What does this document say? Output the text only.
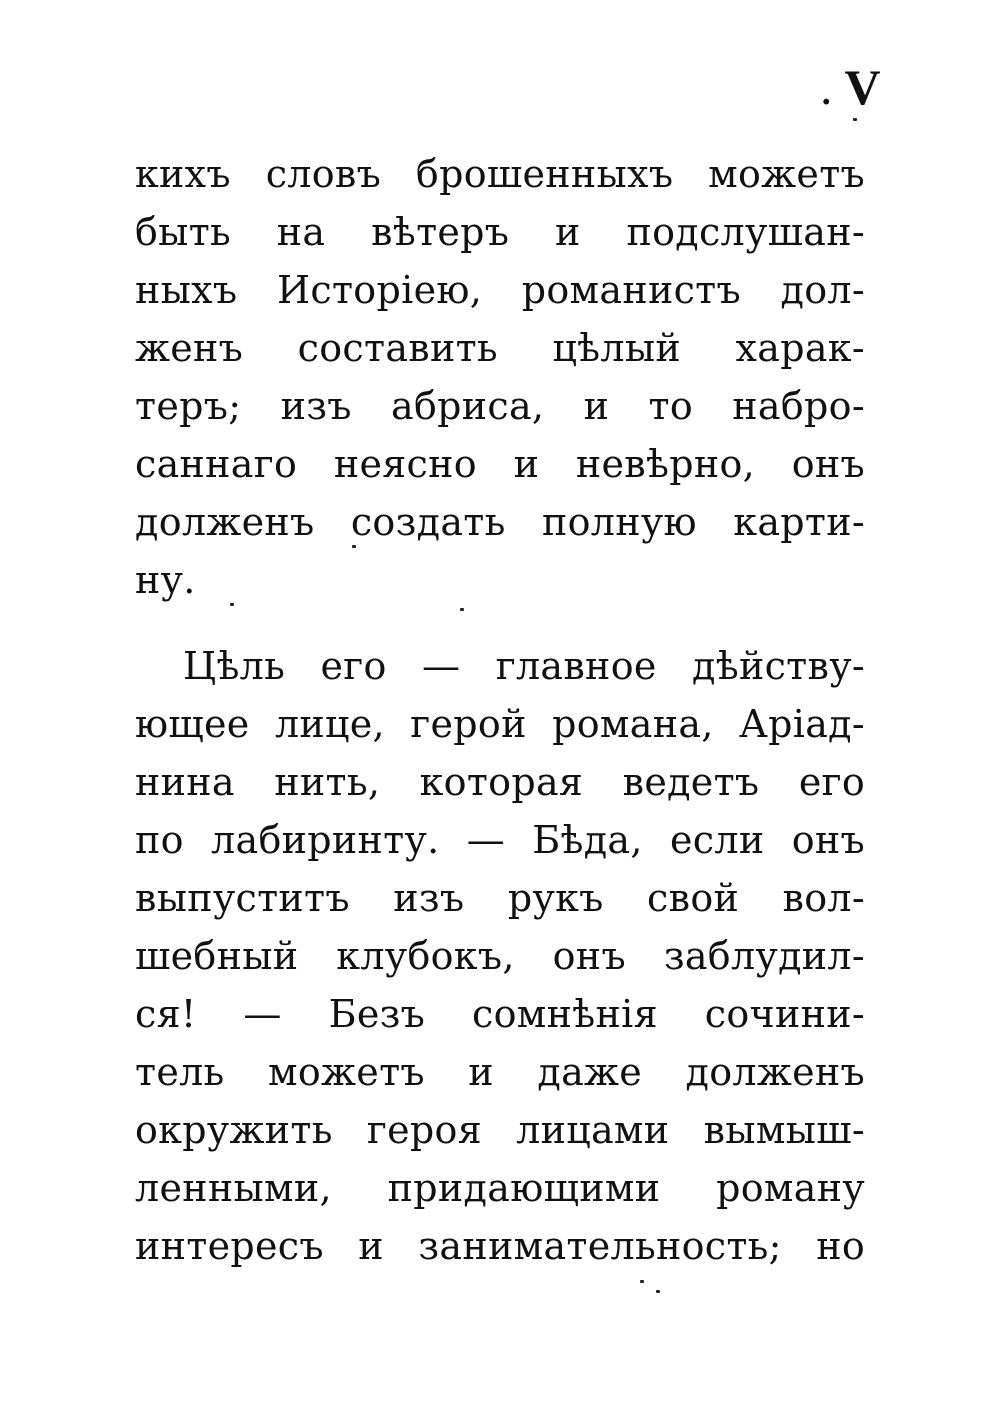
. V
кихъ словъ брошенныхъ можетъ
быть на вѣтеръ и подслушан-
ныхъ Исторіею, романистъ дол-
женъ составить цѣлый харак-
теръ; изъ абриса, и то набро-
саннаго неясно и невѣрно, онъ
долженъ создать полную карти-
ну.
Цѣль его — главное дѣйству-
ющее лице, герой романа, Аріад-
нина нить, которая ведетъ его
по лабиринту. — Бѣда, если онъ
выпуститъ изъ рукъ свой вол-
шебный клубокъ, онъ заблудил-
ся! — Безъ сомнѣнія сочини-
тель можетъ и даже долженъ
окружить героя лицами вымыш-
ленными, придающими роману
интересъ и занимательность; но
